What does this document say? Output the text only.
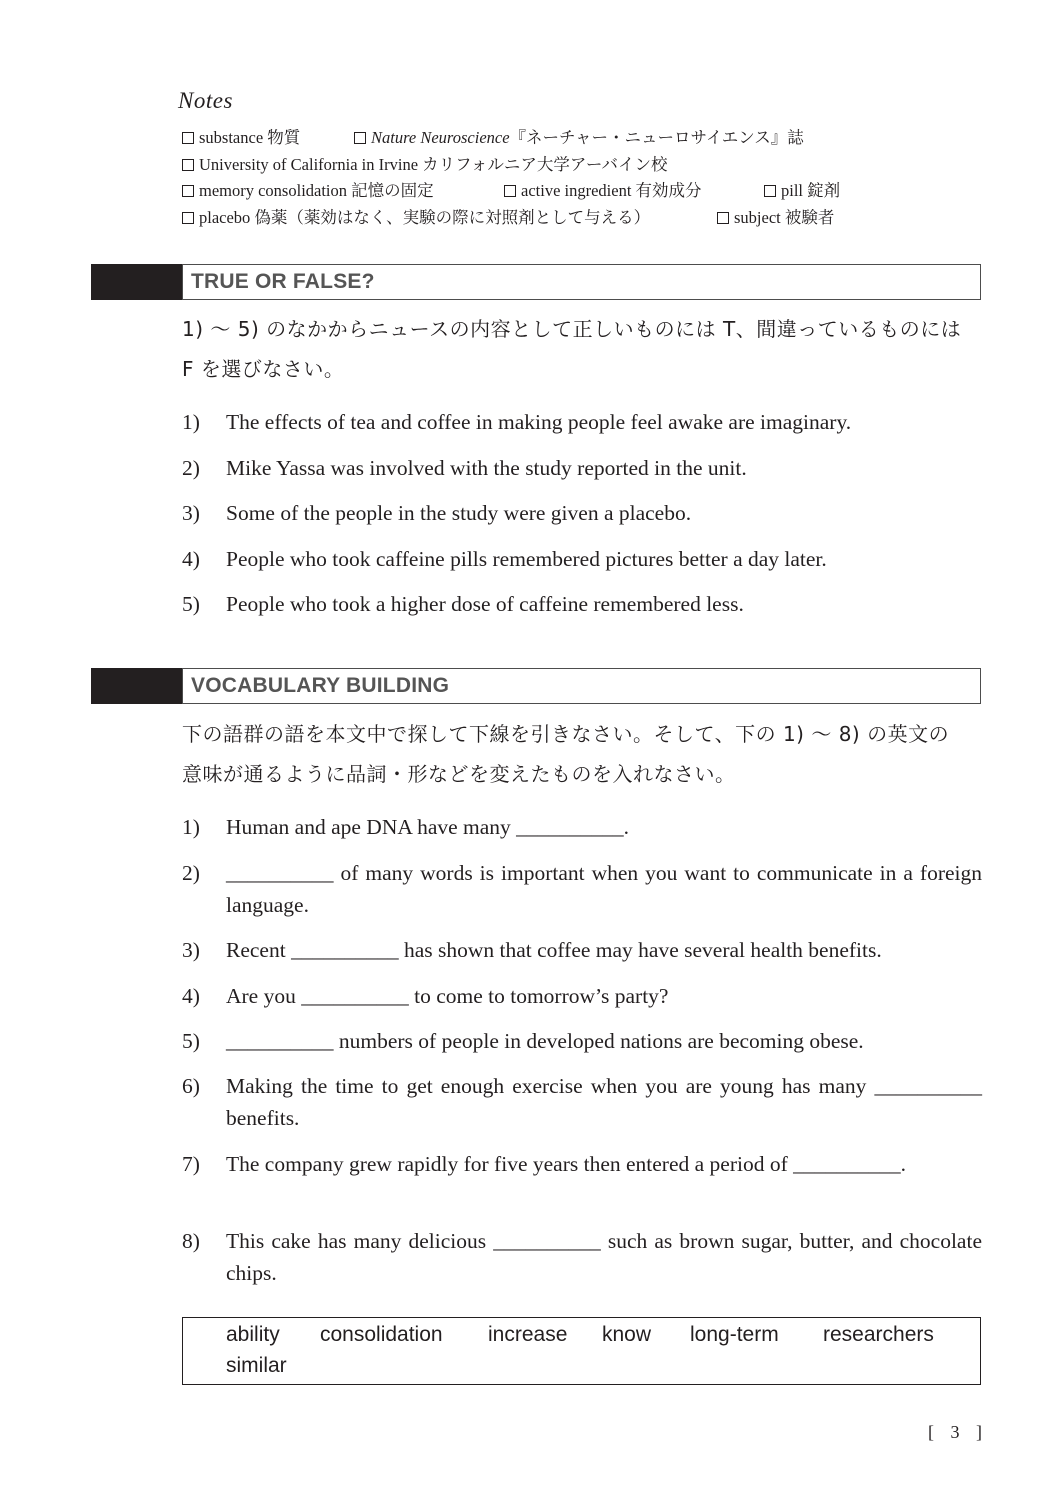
Notes
substance 物質	Nature Neuroscience『ネーチャー・ニューロサイエンス』誌
University of California in Irvine カリフォルニア大学アーバイン校
memory consolidation 記憶の固定	active ingredient 有効成分	pill 錠剤
placebo 偽薬（薬効はなく、実験の際に対照剤として与える）	subject 被験者
TRUE OR FALSE?
1) ～ 5) のなかからニュースの内容として正しいものには T、間違っているものには
F を選びなさい。
1) The effects of tea and coffee in making people feel awake are imaginary.
2) Mike Yassa was involved with the study reported in the unit.
3) Some of the people in the study were given a placebo.
4) People who took caffeine pills remembered pictures better a day later.
5) People who took a higher dose of caffeine remembered less.
VOCABULARY BUILDING
下の語群の語を本文中で探して下線を引きなさい。そして、下の 1) ～ 8) の英文の
意味が通るように品詞・形などを変えたものを入れなさい。
1) Human and ape DNA have many __________.
2) __________ of many words is important when you want to communicate in a foreign language.
3) Recent __________ has shown that coffee may have several health benefits.
4) Are you __________ to come to tomorrow’s party?
5) __________ numbers of people in developed nations are becoming obese.
6) Making the time to get enough exercise when you are young has many __________ benefits.
7) The company grew rapidly for five years then entered a period of __________.
8) This cake has many delicious __________ such as brown sugar, butter, and chocolate chips.
ability consolidation increase know long-term researchers
similar
[ 3 ]
